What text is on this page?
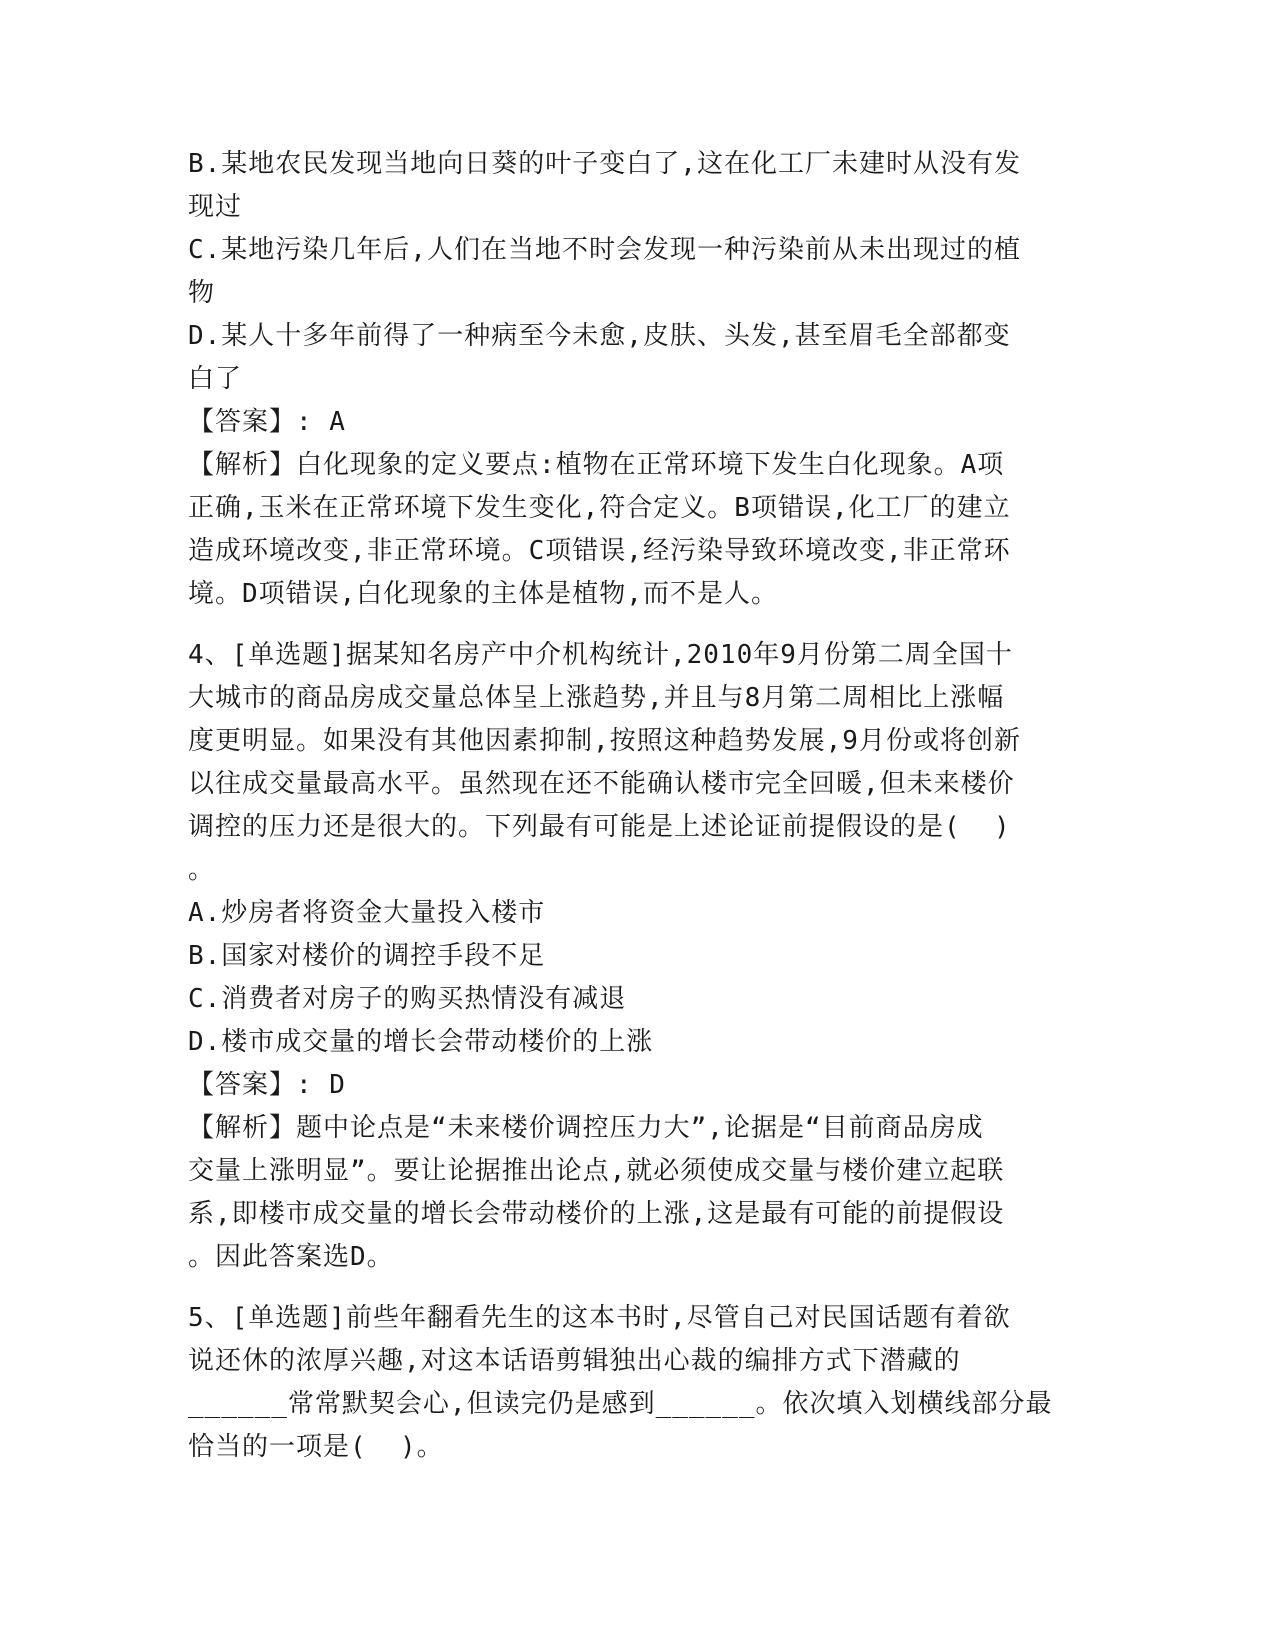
B.某地农民发现当地向日葵的叶子变白了,这在化工厂未建时从没有发
现过
C.某地污染几年后,人们在当地不时会发现一种污染前从未出现过的植
物
D.某人十多年前得了一种病至今未愈,皮肤、头发,甚至眉毛全部都变
白了
【答案】: A
【解析】白化现象的定义要点:植物在正常环境下发生白化现象。A项
正确,玉米在正常环境下发生变化,符合定义。B项错误,化工厂的建立
造成环境改变,非正常环境。C项错误,经污染导致环境改变,非正常环
境。D项错误,白化现象的主体是植物,而不是人。
4、[单选题]据某知名房产中介机构统计,2010年9月份第二周全国十
大城市的商品房成交量总体呈上涨趋势,并且与8月第二周相比上涨幅
度更明显。如果没有其他因素抑制,按照这种趋势发展,9月份或将创新
以往成交量最高水平。虽然现在还不能确认楼市完全回暖,但未来楼价
调控的压力还是很大的。下列最有可能是上述论证前提假设的是(  )
。
A.炒房者将资金大量投入楼市
B.国家对楼价的调控手段不足
C.消费者对房子的购买热情没有减退
D.楼市成交量的增长会带动楼价的上涨
【答案】: D
【解析】题中论点是“未来楼价调控压力大”,论据是“目前商品房成
交量上涨明显”。要让论据推出论点,就必须使成交量与楼价建立起联
系,即楼市成交量的增长会带动楼价的上涨,这是最有可能的前提假设
。因此答案选D。
5、[单选题]前些年翻看先生的这本书时,尽管自己对民国话题有着欲
说还休的浓厚兴趣,对这本话语剪辑独出心裁的编排方式下潜藏的
______常常默契会心,但读完仍是感到______。依次填入划横线部分最
恰当的一项是(  )。
